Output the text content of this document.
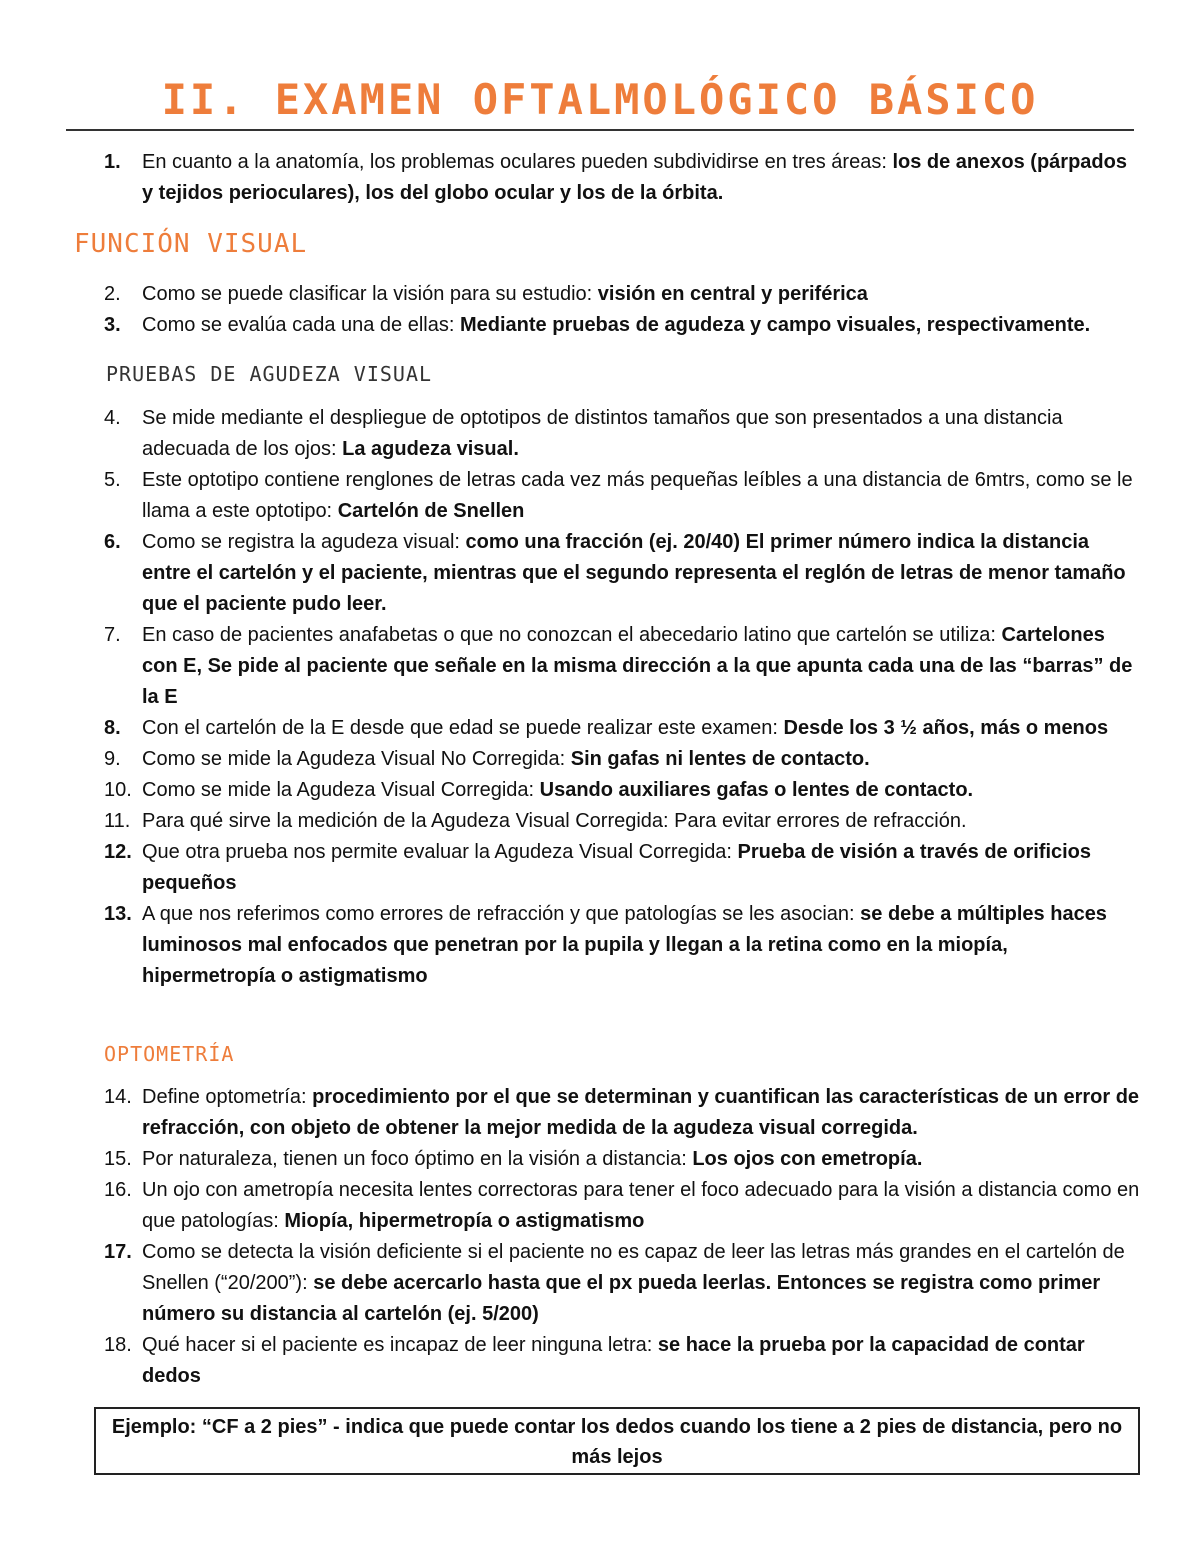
II. EXAMEN OFTALMOLÓGICO BÁSICO
1. En cuanto a la anatomía, los problemas oculares pueden subdividirse en tres áreas: los de anexos (párpados y tejidos perioculares), los del globo ocular y los de la órbita.
FUNCIÓN VISUAL
2. Como se puede clasificar la visión para su estudio: visión en central y periférica
3. Como se evalúa cada una de ellas: Mediante pruebas de agudeza y campo visuales, respectivamente.
PRUEBAS DE AGUDEZA VISUAL
4. Se mide mediante el despliegue de optotipos de distintos tamaños que son presentados a una distancia adecuada de los ojos: La agudeza visual.
5. Este optotipo contiene renglones de letras cada vez más pequeñas leíbles a una distancia de 6mtrs, como se le llama a este optotipo: Cartelón de Snellen
6. Como se registra la agudeza visual: como una fracción (ej. 20/40) El primer número indica la distancia entre el cartelón y el paciente, mientras que el segundo representa el reglón de letras de menor tamaño que el paciente pudo leer.
7. En caso de pacientes anafabetas o que no conozcan el abecedario latino que cartelón se utiliza: Cartelones con E, Se pide al paciente que señale en la misma dirección a la que apunta cada una de las “barras” de la E
8. Con el cartelón de la E desde que edad se puede realizar este examen: Desde los 3 ½ años, más o menos
9. Como se mide la Agudeza Visual No Corregida: Sin gafas ni lentes de contacto.
10. Como se mide la Agudeza Visual Corregida: Usando auxiliares gafas o lentes de contacto.
11. Para qué sirve la medición de la Agudeza Visual Corregida: Para evitar errores de refracción.
12. Que otra prueba nos permite evaluar la Agudeza Visual Corregida: Prueba de visión a través de orificios pequeños
13. A que nos referimos como errores de refracción y que patologías se les asocian: se debe a múltiples haces luminosos mal enfocados que penetran por la pupila y llegan a la retina como en la miopía, hipermetropía o astigmatismo
OPTOMETRÍA
14. Define optometría: procedimiento por el que se determinan y cuantifican las características de un error de refracción, con objeto de obtener la mejor medida de la agudeza visual corregida.
15. Por naturaleza, tienen un foco óptimo en la visión a distancia: Los ojos con emetropía.
16. Un ojo con ametropía necesita lentes correctoras para tener el foco adecuado para la visión a distancia como en que patologías: Miopía, hipermetropía o astigmatismo
17. Como se detecta la visión deficiente si el paciente no es capaz de leer las letras más grandes en el cartelón de Snellen (“20/200”): se debe acercarlo hasta que el px pueda leerlas. Entonces se registra como primer número su distancia al cartelón (ej. 5/200)
18. Qué hacer si el paciente es incapaz de leer ninguna letra: se hace la prueba por la capacidad de contar dedos
Ejemplo: “CF a 2 pies” - indica que puede contar los dedos cuando los tiene a 2 pies de distancia, pero no más lejos
